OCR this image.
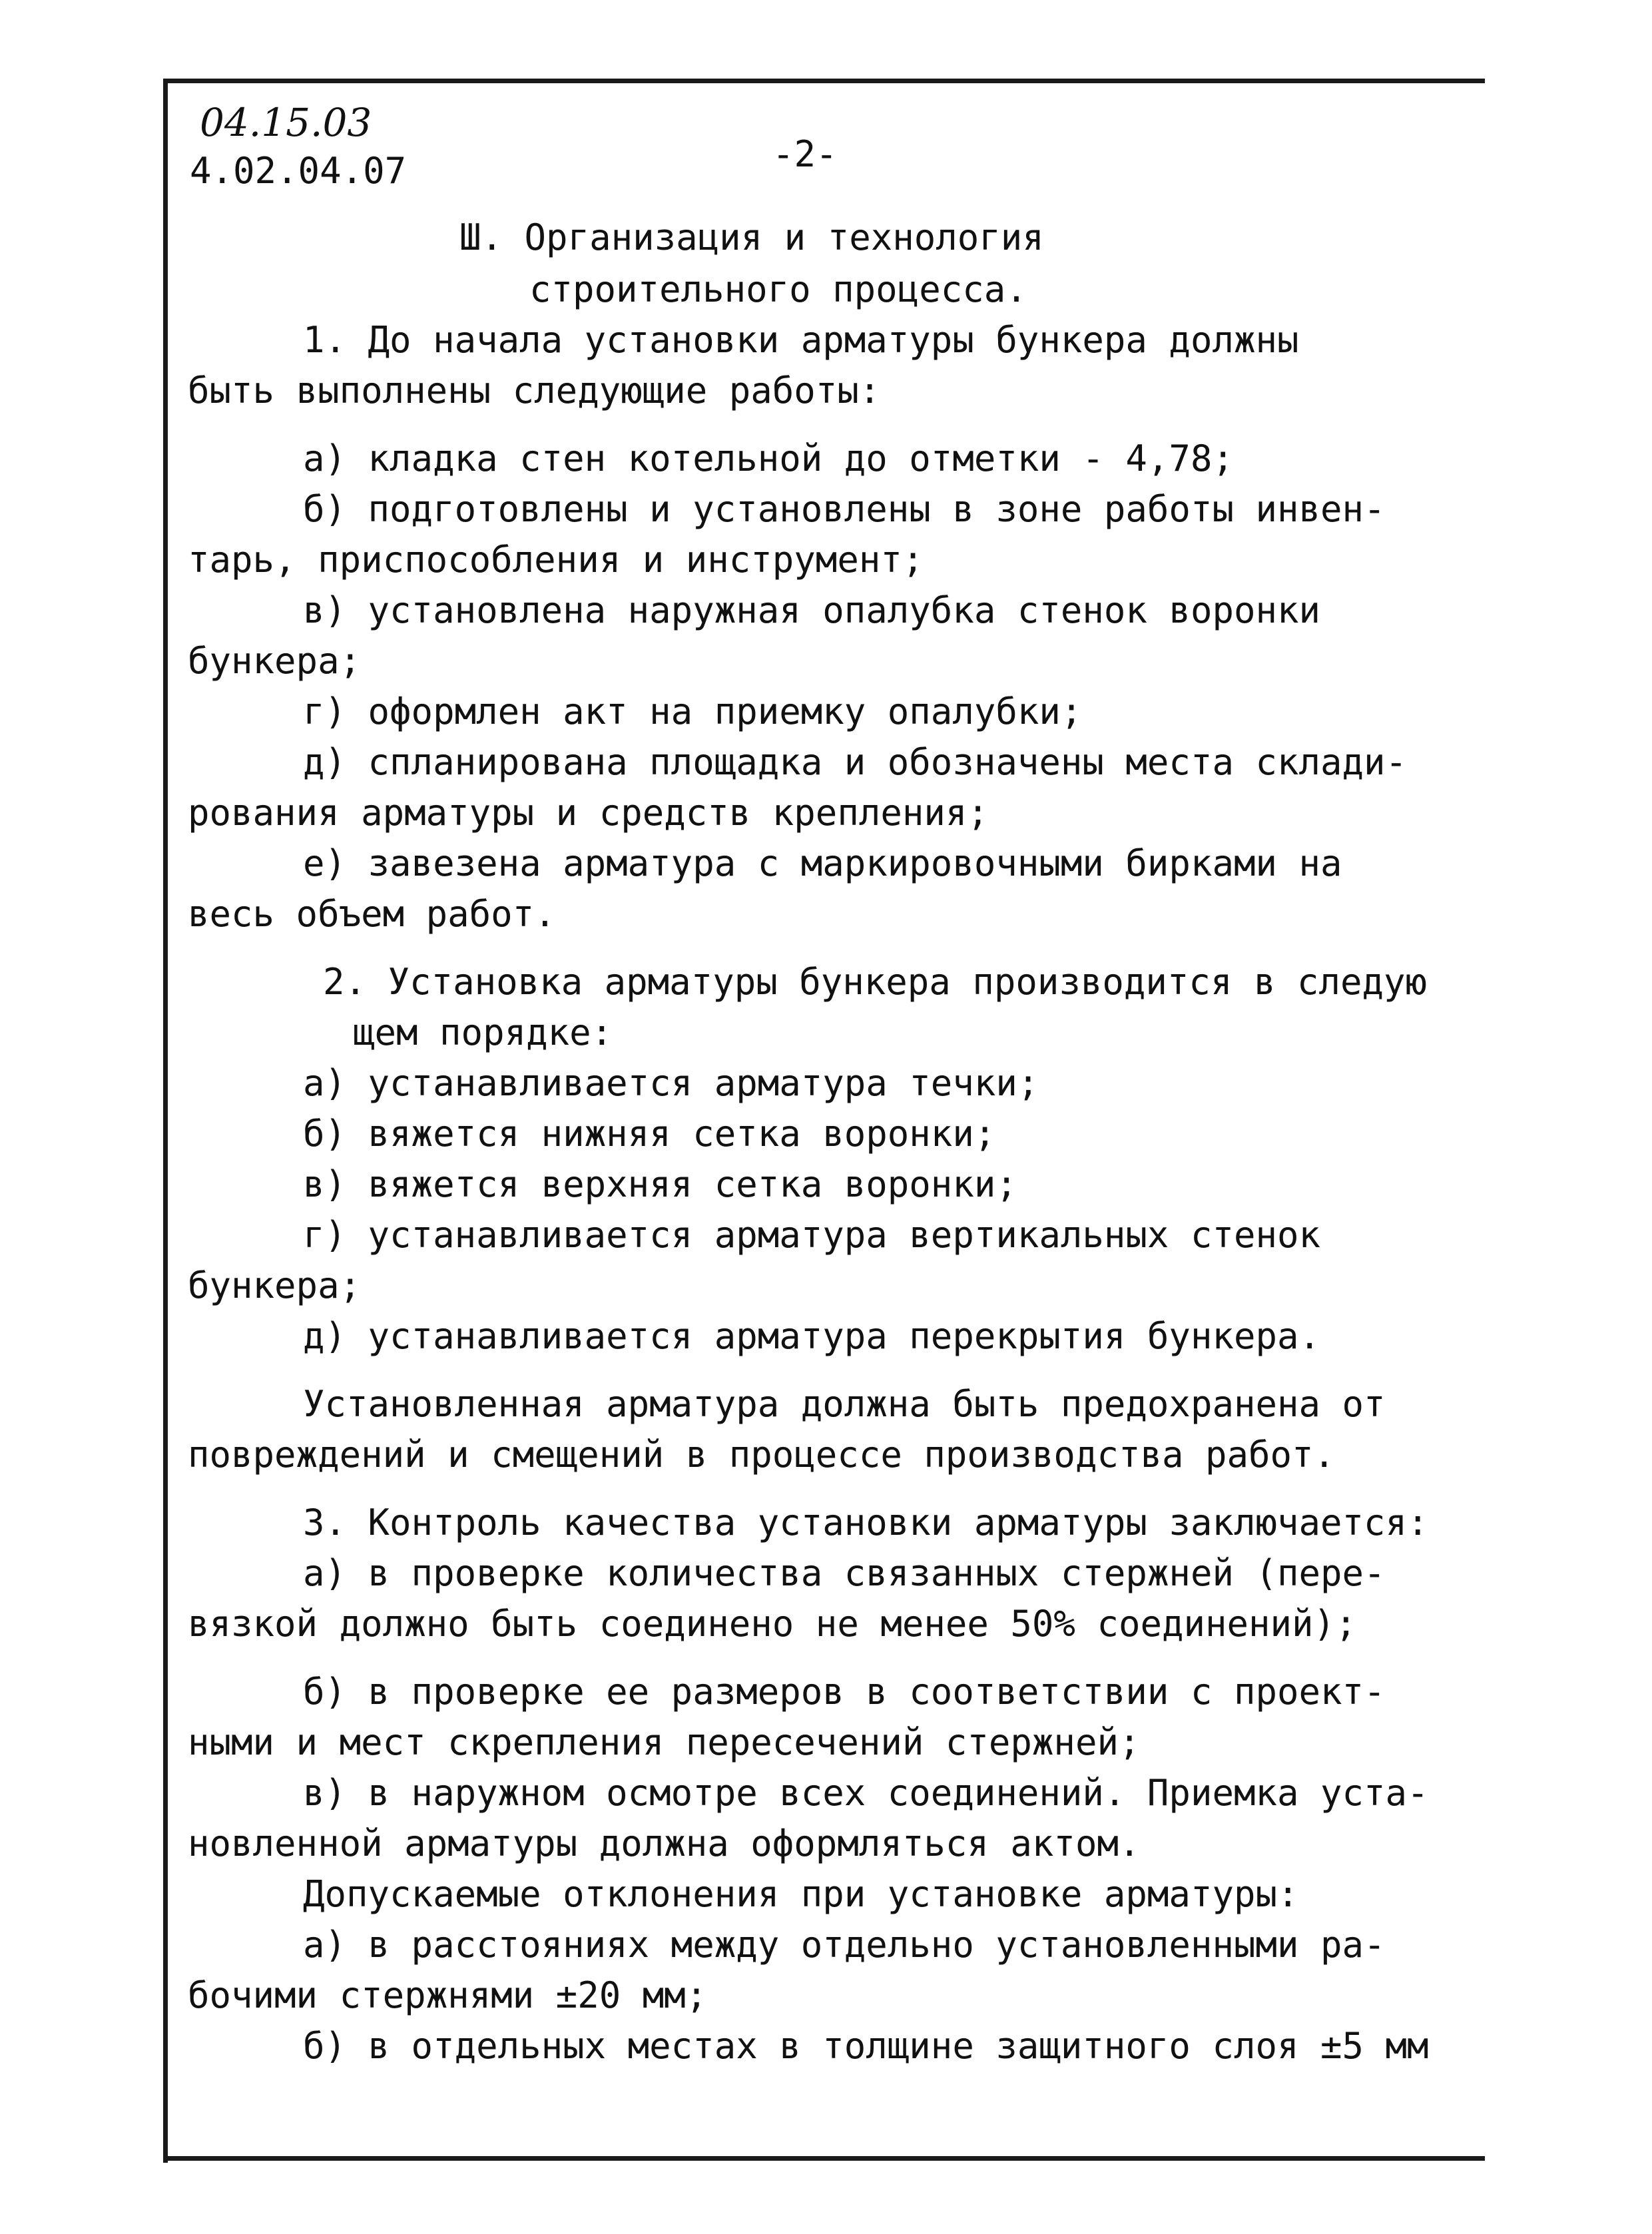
04.15.03
4.02.04.07	-2-
Ш. Организация и технология
строительного процесса.
1. До начала установки арматуры бункера должны
быть выполнены следующие работы:
а) кладка стен котельной до отметки - 4,78;
б) подготовлены и установлены в зоне работы инвен-
тарь, приспособления и инструмент;
в) установлена наружная опалубка стенок воронки
бункера;
г) оформлен акт на приемку опалубки;
д) спланирована площадка и обозначены места склади-
рования арматуры и средств крепления;
е) завезена арматура с маркировочными бирками на
весь объем работ.
2. Установка арматуры бункера производится в следую
щем порядке:
а) устанавливается арматура течки;
б) вяжется нижняя сетка воронки;
в) вяжется верхняя сетка воронки;
г) устанавливается арматура вертикальных стенок
бункера;
д) устанавливается арматура перекрытия бункера.
Установленная арматура должна быть предохранена от
повреждений и смещений в процессе производства работ.
3. Контроль качества установки арматуры заключается:
а) в проверке количества связанных стержней (пере-
вязкой должно быть соединено не менее 50% соединений);
б) в проверке ее размеров в соответствии с проект-
ными и мест скрепления пересечений стержней;
в) в наружном осмотре всех соединений. Приемка уста-
новленной арматуры должна оформляться актом.
Допускаемые отклонения при установке арматуры:
а) в расстояниях между отдельно установленными ра-
бочими стержнями ±20 мм;
б) в отдельных местах в толщине защитного слоя ±5 мм
